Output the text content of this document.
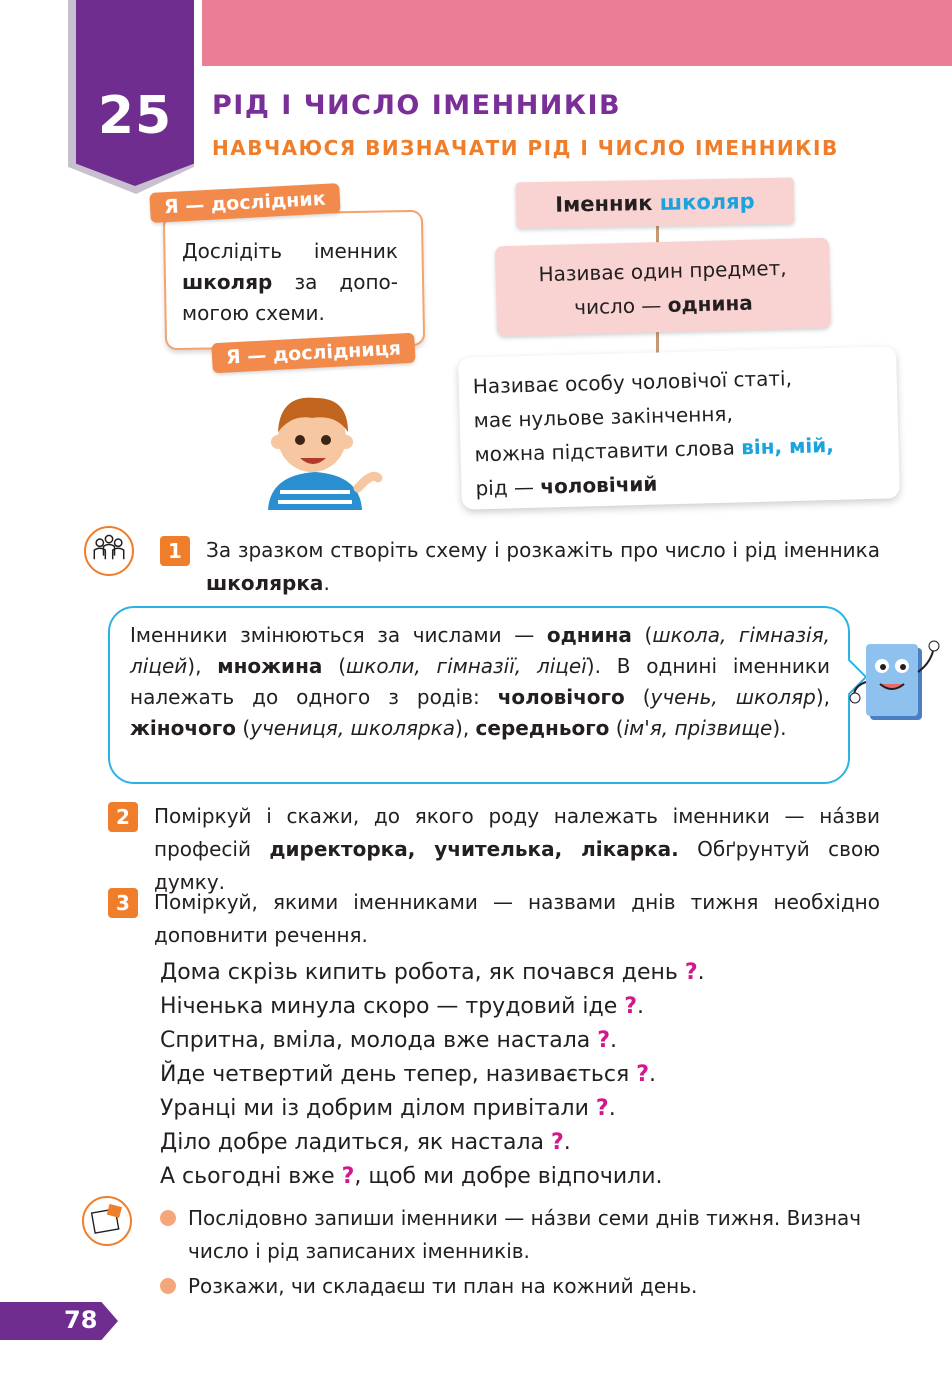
25	РІД І ЧИСЛО ІМЕННИКІВ
НАВЧАЮСЯ ВИЗНАЧАТИ РІД І ЧИСЛО ІМЕННИКІВ
Я — дослідник
Дослідіть іменник школяр за допо-могою схеми.
Я — дослідниця
Іменник школяр
Називає один предмет,
число — однина
Називає особу чоловічої статі,
має нульове закінчення,
можна підставити слова він, мій,
рід — чоловічий
1	За зразком створіть схему і розкажіть про число і рід іменника школярка.
Іменники змінюються за числами — однина (школа, гімназія, ліцей), множина (школи, гімназії, ліцеї). В однині іменники належать до одного з родів: чоловічого (учень, школяр), жіночого (учениця, школярка), середнього (ім'я, прізвище).
2	Поміркуй і скажи, до якого роду належать іменники — на́зви професій директорка, учителька, лікарка. Обґрунтуй свою думку.
3	Поміркуй, якими іменниками — назвами днів тижня необхідно доповнити речення.
Дома скрізь кипить робота, як почався день ?.
Ніченька минула скоро — трудовий іде ?.
Спритна, вміла, молода вже настала ?.
Йде четвертий день тепер, називається ?.
Уранці ми із добрим ділом привітали ?.
Діло добре ладиться, як настала ?.
А сьогодні вже ?, щоб ми добре відпочили.
Послідовно запиши іменники — на́зви семи днів тижня. Визнач число і рід записаних іменників.
Розкажи, чи складаєш ти план на кожний день.
78
